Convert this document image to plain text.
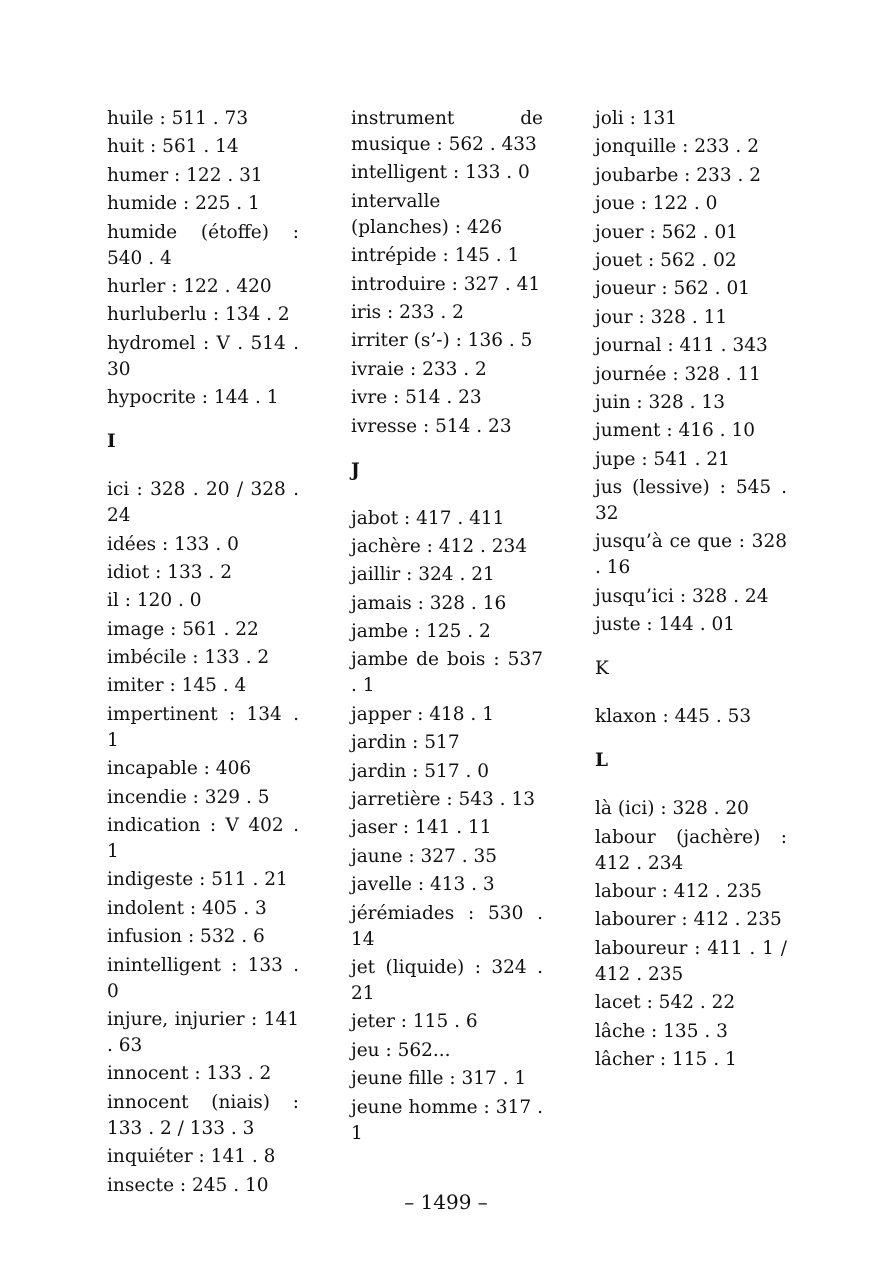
huile : 511 . 73
huit : 561 . 14
humer : 122 . 31
humide : 225 . 1
humide (étoffe) : 540 . 4
hurler : 122 . 420
hurluberlu : 134 . 2
hydromel : V . 514 . 30
hypocrite : 144 . 1
I
ici : 328 . 20 / 328 . 24
idées : 133 . 0
idiot : 133 . 2
il : 120 . 0
image : 561 . 22
imbécile : 133 . 2
imiter : 145 . 4
impertinent : 134 . 1
incapable : 406
incendie : 329 . 5
indication : V 402 . 1
indigeste : 511 . 21
indolent : 405 . 3
infusion : 532 . 6
inintelligent : 133 . 0
injure, injurier : 141 . 63
innocent : 133 . 2
innocent (niais) : 133 . 2 / 133 . 3
inquiéter : 141 . 8
insecte : 245 . 10
instrument de musique : 562 . 433
intelligent : 133 . 0
intervalle (planches) : 426
intrépide : 145 . 1
introduire : 327 . 41
iris : 233 . 2
irriter (s’-) : 136 . 5
ivraie : 233 . 2
ivre : 514 . 23
ivresse : 514 . 23
J
jabot : 417 . 411
jachère : 412 . 234
jaillir : 324 . 21
jamais : 328 . 16
jambe : 125 . 2
jambe de bois : 537 . 1
japper : 418 . 1
jardin : 517
jardin : 517 . 0
jarretière : 543 . 13
jaser : 141 . 11
jaune : 327 . 35
javelle : 413 . 3
jérémiades : 530 . 14
jet (liquide) : 324 . 21
jeter : 115 . 6
jeu : 562...
jeune fille : 317 . 1
jeune homme : 317 . 1
joli : 131
jonquille : 233 . 2
joubarbe : 233 . 2
joue : 122 . 0
jouer : 562 . 01
jouet : 562 . 02
joueur : 562 . 01
jour : 328 . 11
journal : 411 . 343
journée : 328 . 11
juin : 328 . 13
jument : 416 . 10
jupe : 541 . 21
jus (lessive) : 545 . 32
jusqu’à ce que : 328 . 16
jusqu’ici : 328 . 24
juste : 144 . 01
K
klaxon : 445 . 53
L
là (ici) : 328 . 20
labour (jachère) : 412 . 234
labour : 412 . 235
labourer : 412 . 235
laboureur : 411 . 1 / 412 . 235
lacet : 542 . 22
lâche : 135 . 3
lâcher : 115 . 1
– 1499 –
